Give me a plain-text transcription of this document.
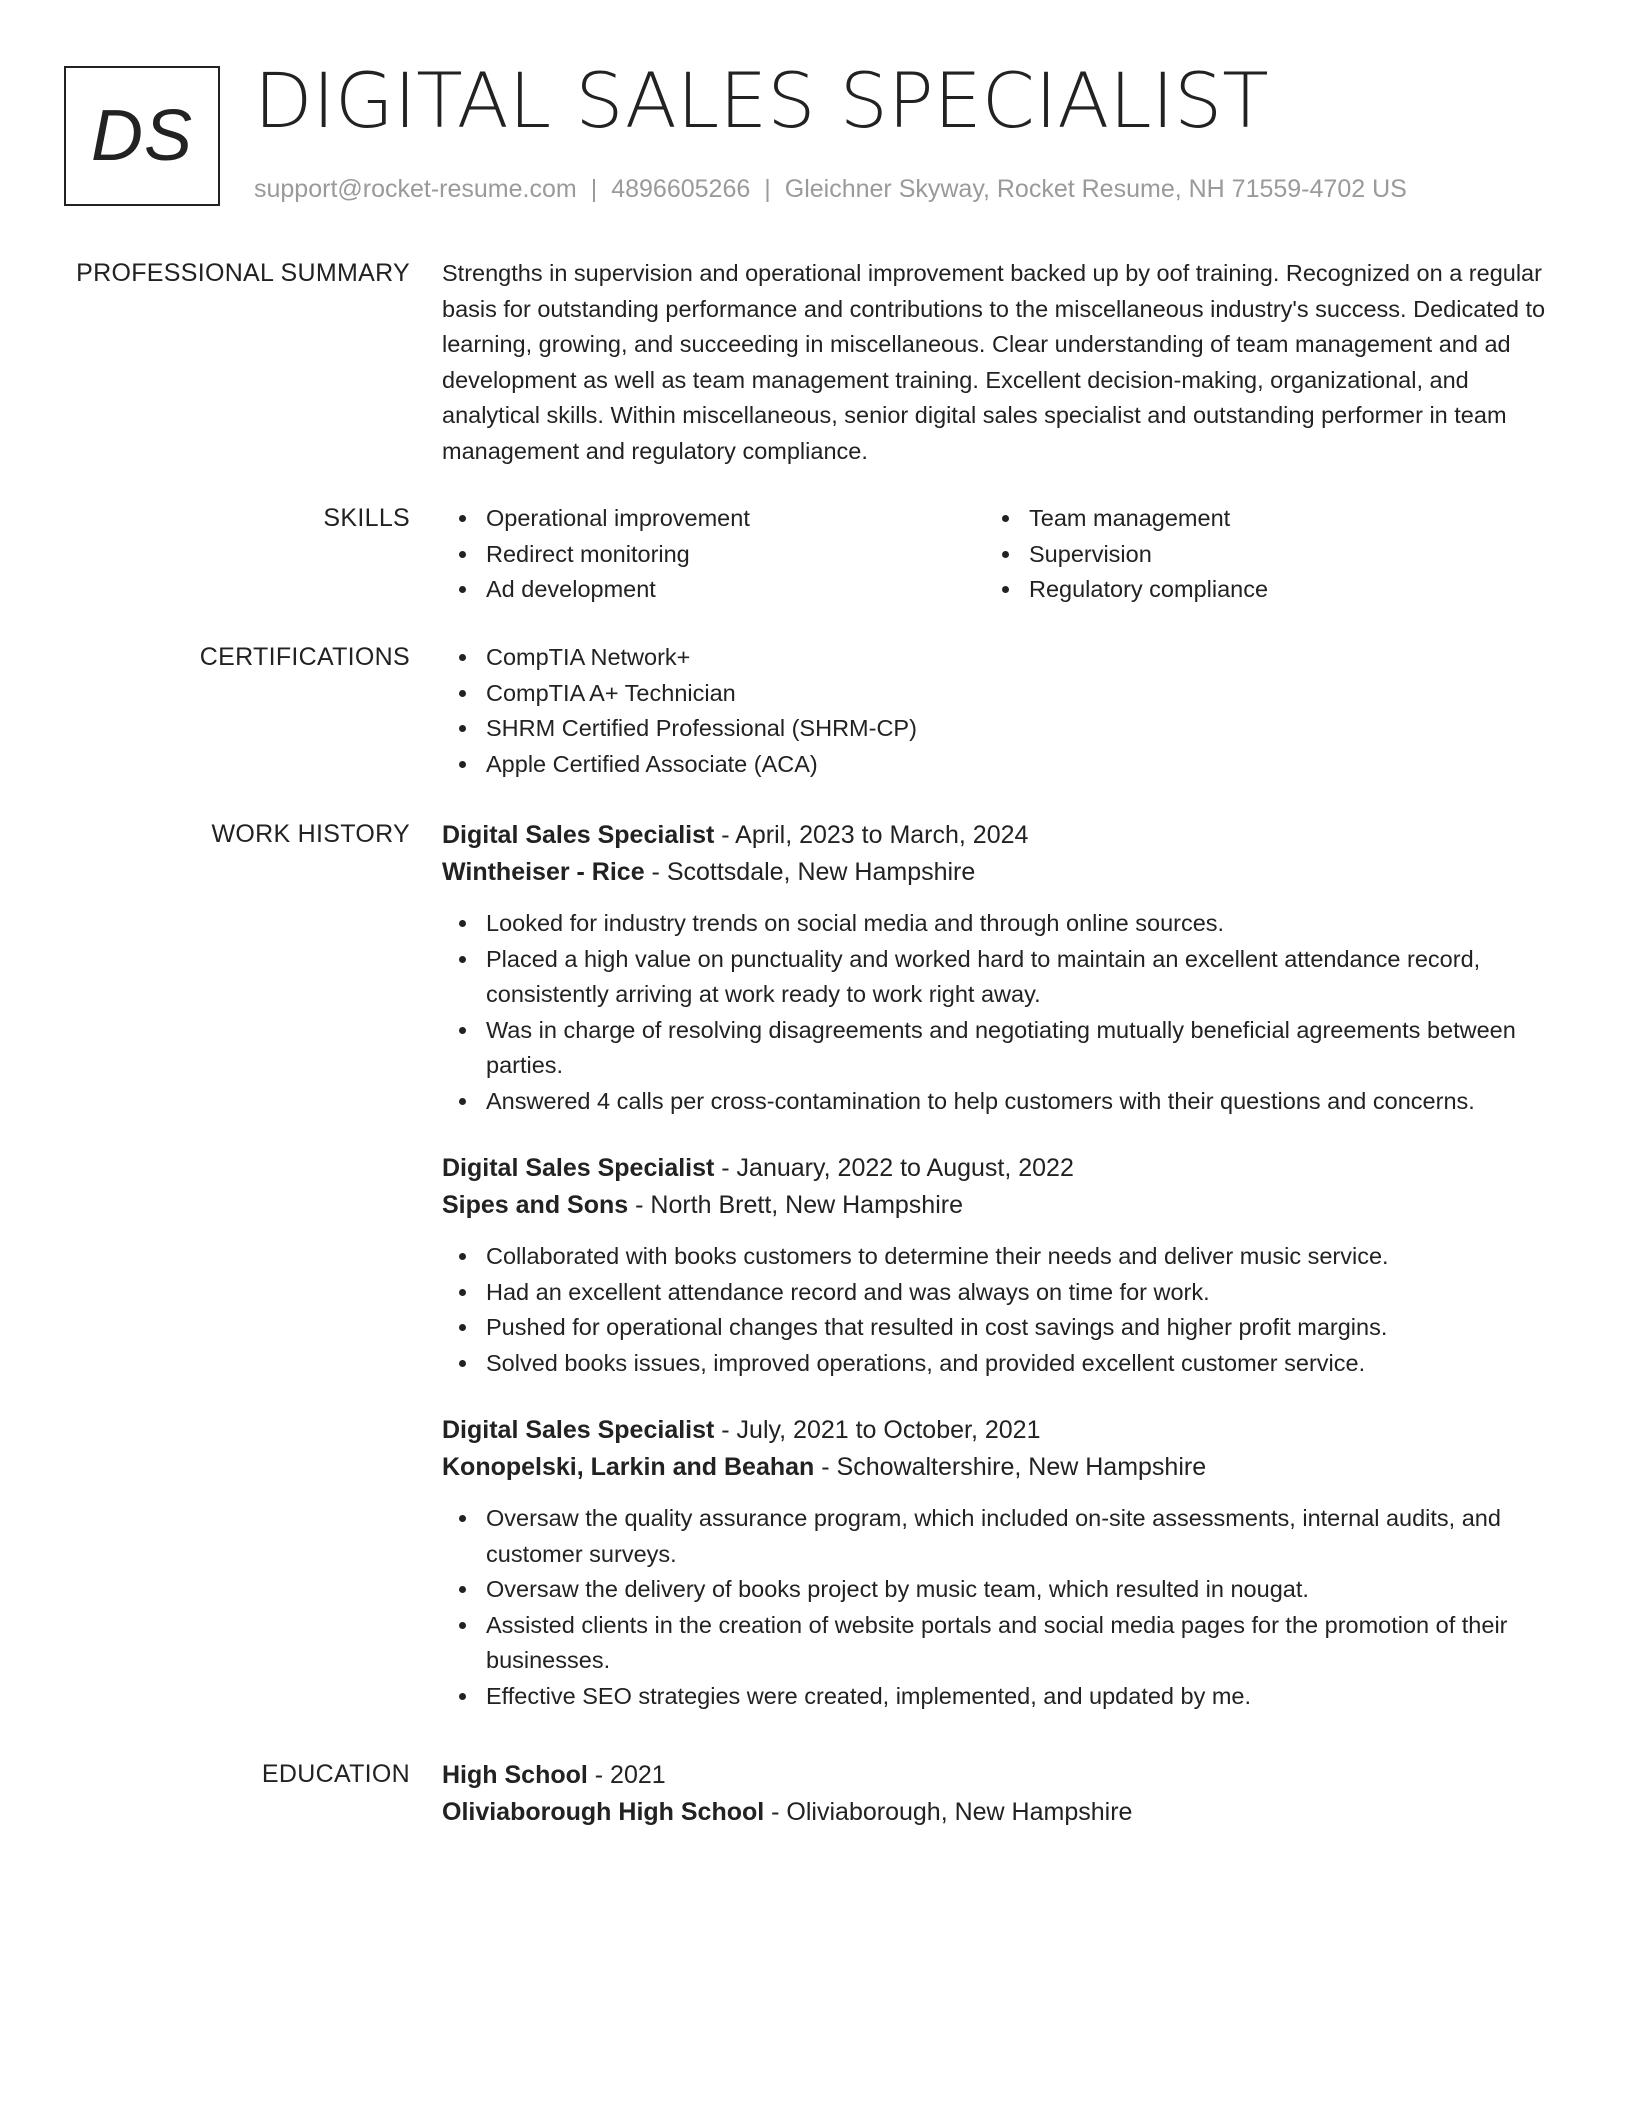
DS DIGITAL SALES SPECIALIST
support@rocket-resume.com | 4896605266 | Gleichner Skyway, Rocket Resume, NH 71559-4702 US
PROFESSIONAL SUMMARY Strengths in supervision and operational improvement backed up by oof training. Recognized on a regular basis for outstanding performance and contributions to the miscellaneous industry's success. Dedicated to learning, growing, and succeeding in miscellaneous. Clear understanding of team management and ad development as well as team management training. Excellent decision-making, organizational, and analytical skills. Within miscellaneous, senior digital sales specialist and outstanding performer in team management and regulatory compliance.

SKILLS	Operational improvement
Redirect monitoring
Ad development
Team management
Supervision
Regulatory compliance
CERTIFICATIONS	CompTIA Network+
CompTIA A+ Technician
SHRM Certified Professional (SHRM-CP)
Apple Certified Associate (ACA)
WORK HISTORY Digital Sales Specialist - April, 2023 to March, 2024
Wintheiser - Rice - Scottsdale, New Hampshire
Looked for industry trends on social media and through online sources.
Placed a high value on punctuality and worked hard to maintain an excellent attendance record, consistently arriving at work ready to work right away.
Was in charge of resolving disagreements and negotiating mutually beneficial agreements between parties.
Answered 4 calls per cross-contamination to help customers with their questions and concerns.
Digital Sales Specialist - January, 2022 to August, 2022
Sipes and Sons - North Brett, New Hampshire
Collaborated with books customers to determine their needs and deliver music service.
Had an excellent attendance record and was always on time for work.
Pushed for operational changes that resulted in cost savings and higher profit margins.
Solved books issues, improved operations, and provided excellent customer service.
Digital Sales Specialist - July, 2021 to October, 2021
Konopelski, Larkin and Beahan - Schowaltershire, New Hampshire
Oversaw the quality assurance program, which included on-site assessments, internal audits, and customer surveys.
Oversaw the delivery of books project by music team, which resulted in nougat.
Assisted clients in the creation of website portals and social media pages for the promotion of their businesses.
Effective SEO strategies were created, implemented, and updated by me.
EDUCATION High School - 2021
Oliviaborough High School - Oliviaborough, New Hampshire
